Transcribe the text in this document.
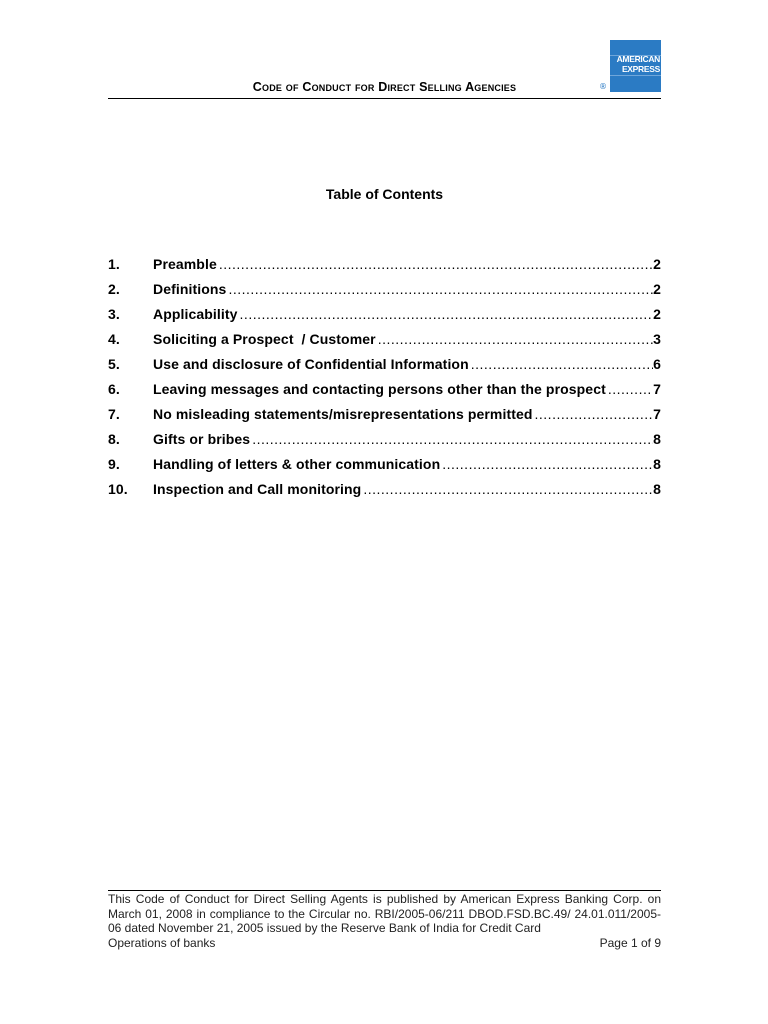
AMERICAN
EXPRESS
®
Code of Conduct for Direct Selling Agencies
Table of Contents
1.	Preamble .....	2
2.	Definitions .....	2
3.	Applicability .....	2
4.	Soliciting a Prospect  / Customer .....	3
5.	Use and disclosure of Confidential Information .....	6
6.	Leaving messages and contacting persons other than the prospect .....	7
7.	No misleading statements/misrepresentations permitted .....	7
8.	Gifts or bribes .....	8
9.	Handling of letters & other communication .....	8
10.	Inspection and Call monitoring .....	8
This Code of Conduct for Direct Selling Agents is published by American Express Banking Corp. on March 01, 2008 in compliance to the Circular no. RBI/2005-06/211 DBOD.FSD.BC.49/ 24.01.011/2005-06 dated November 21, 2005 issued by the Reserve Bank of India for Credit Card
Operations of banks	Page 1 of 9
